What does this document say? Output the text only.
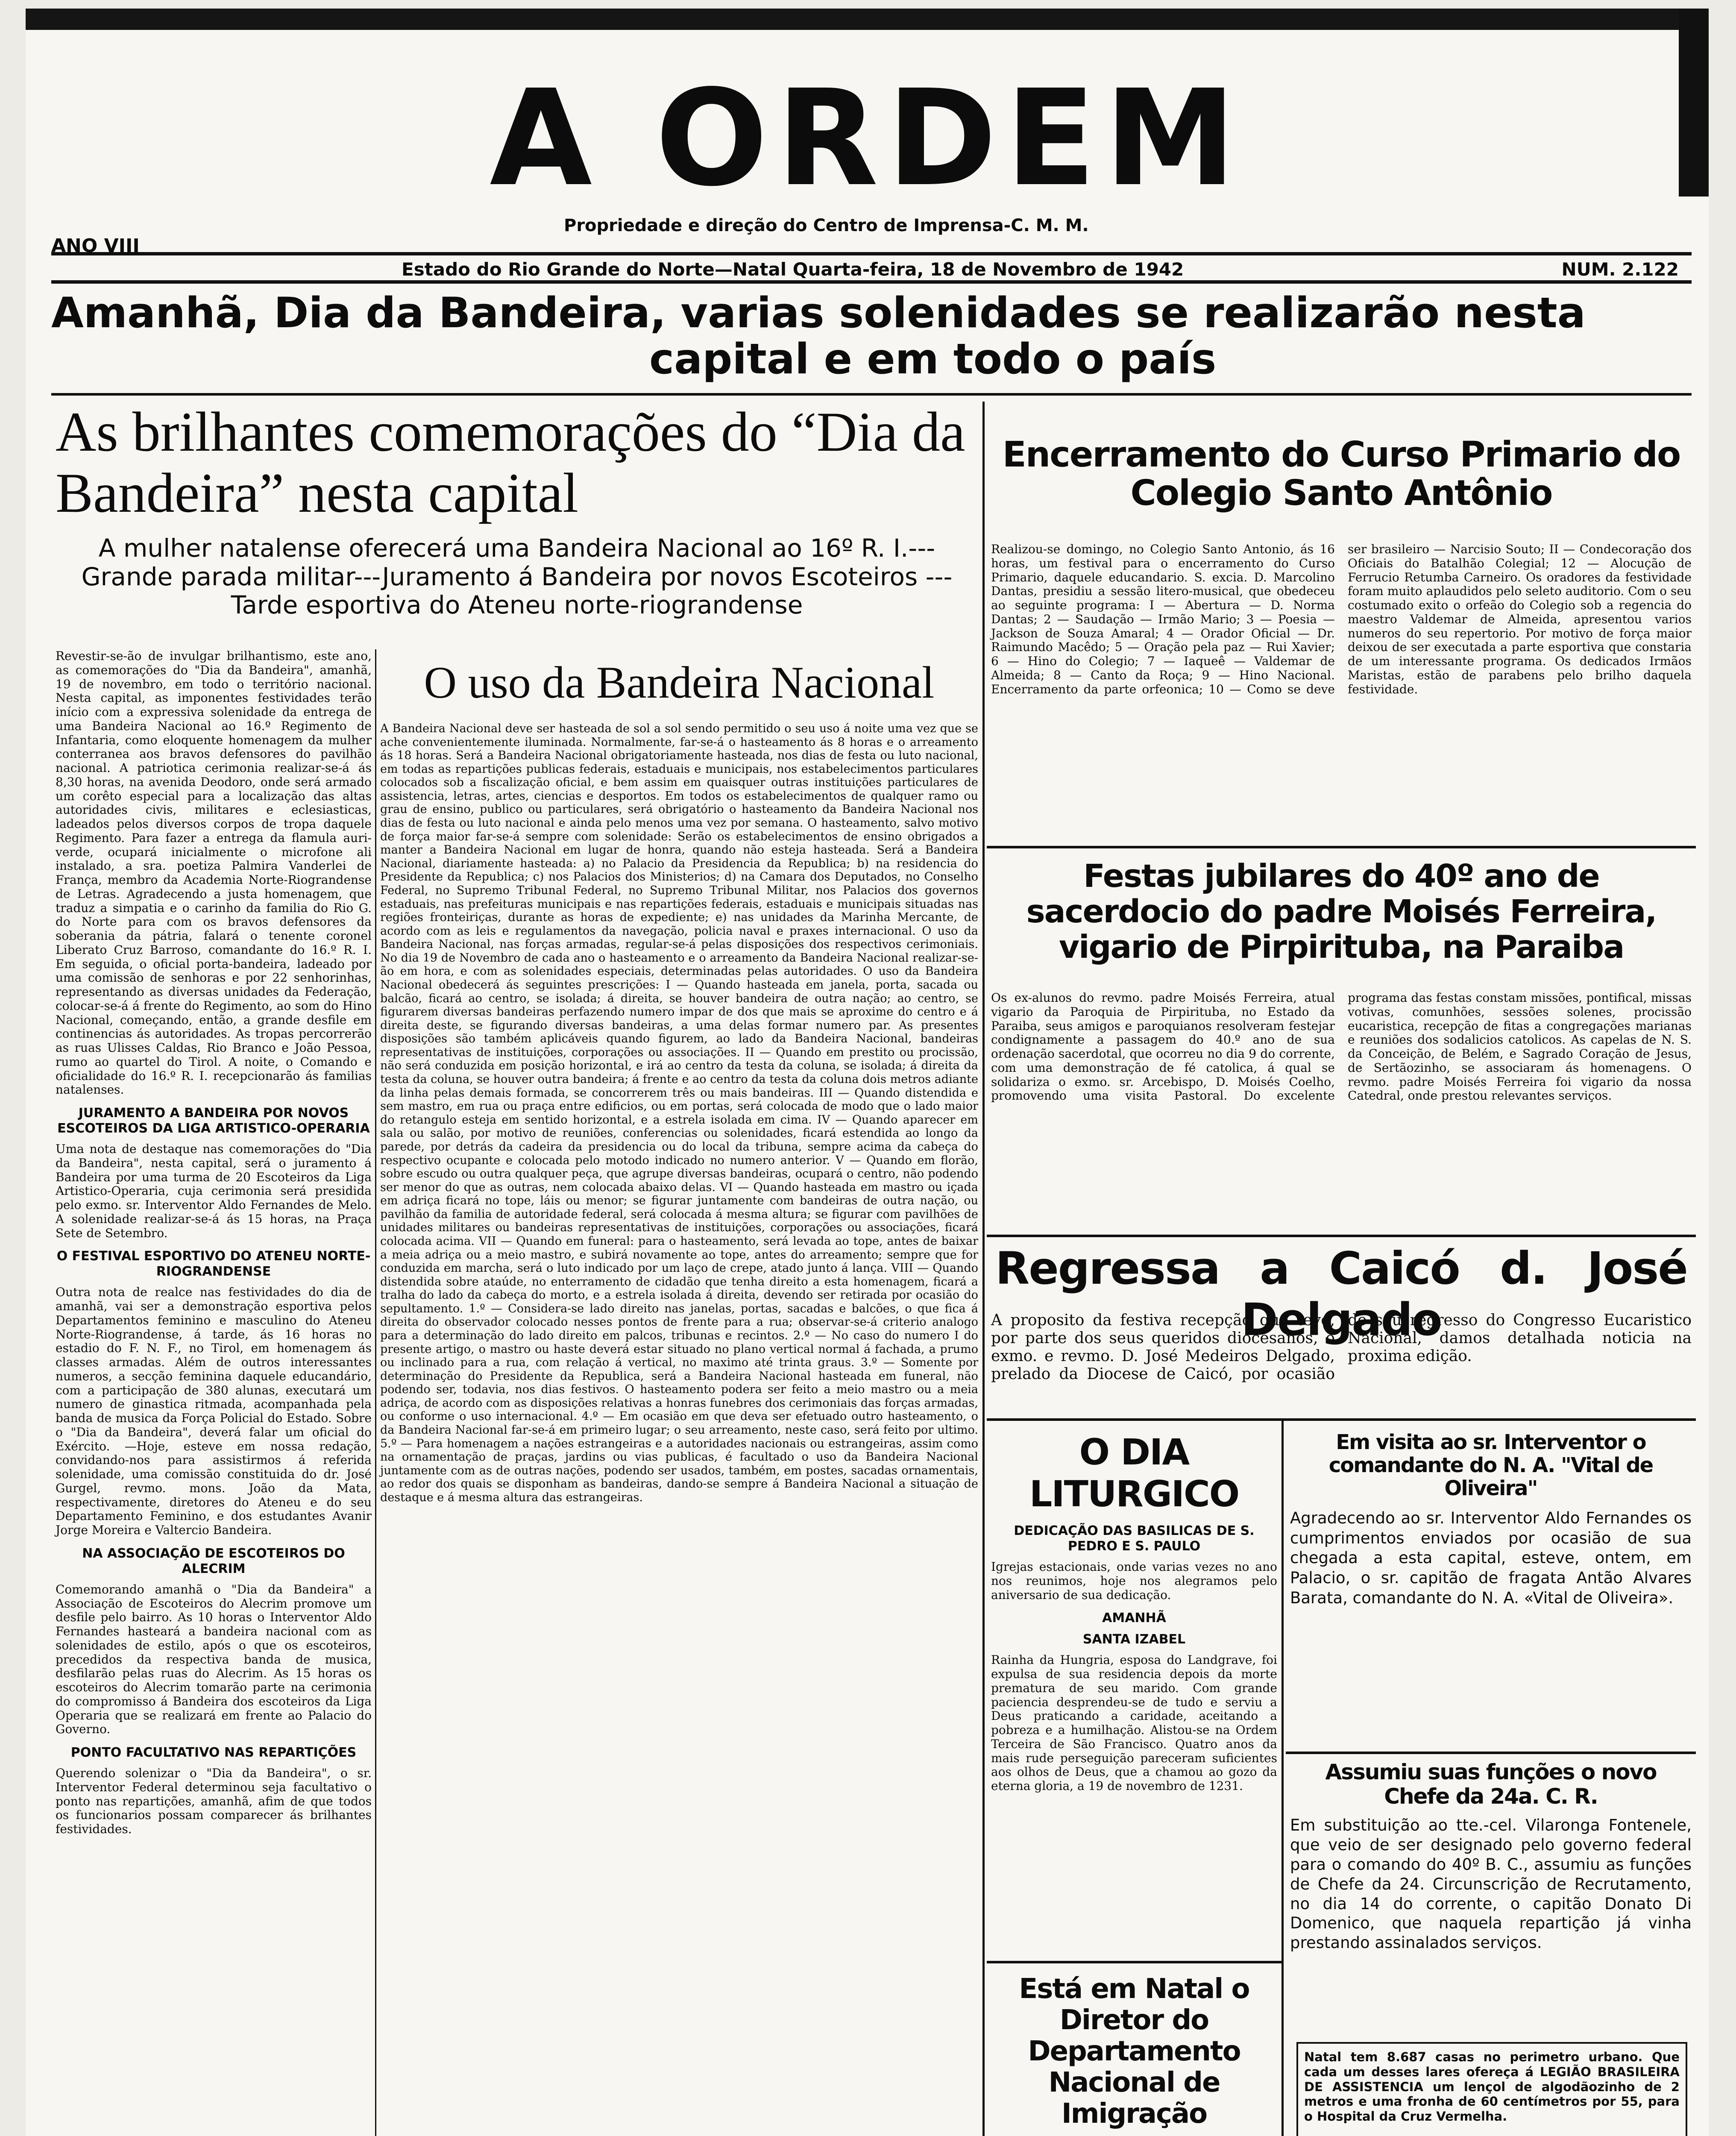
A ORDEM
Propriedade e direção do Centro de Imprensa-C. M. M.
ANO VIII
Estado do Rio Grande do Norte—Natal Quarta-feira, 18 de Novembro de 1942	NUM. 2.122
Amanhã, Dia da Bandeira, varias solenidades se realizarão nesta
capital e em todo o país
As brilhantes comemorações do “Dia da Bandeira” nesta capital
A mulher natalense oferecerá uma Bandeira Nacional ao 16º R. I.---Grande parada militar---Juramento á Bandeira por novos Escoteiros ---Tarde esportiva do Ateneu norte-riograndense

Revestir-se-ão de invulgar brilhantismo, este ano, as comemorações do "Dia da Bandeira", amanhã, 19 de novembro, em todo o território nacional. Nesta capital, as imponentes festividades terão início com a expressiva solenidade da entrega de uma Bandeira Nacional ao 16.º Regimento de Infantaria, como eloquente homenagem da mulher conterranea aos bravos defensores do pavilhão nacional. A patriotica cerimonia realizar-se-á ás 8,30 horas, na avenida Deodoro, onde será armado um corêto especial para a localização das altas autoridades civis, militares e eclesiasticas, ladeados pelos diversos corpos de tropa daquele Regimento. Para fazer a entrega da flamula auri-verde, ocupará inicialmente o microfone ali instalado, a sra. poetiza Palmira Vanderlei de França, membro da Academia Norte-Riograndense de Letras. Agradecendo a justa homenagem, que traduz a simpatia e o carinho da familia do Rio G. do Norte para com os bravos defensores da soberania da pátria, falará o tenente coronel Liberato Cruz Barroso, comandante do 16.º R. I. Em seguida, o oficial porta-bandeira, ladeado por uma comissão de senhoras e por 22 senhorinhas, representando as diversas unidades da Federação, colocar-se-á á frente do Regimento, ao som do Hino Nacional, começando, então, a grande desfile em continencias ás autoridades. As tropas percorrerão as ruas Ulisses Caldas, Rio Branco e João Pessoa, rumo ao quartel do Tirol. A noite, o Comando e oficialidade do 16.º R. I. recepcionarão ás familias natalenses.

JURAMENTO A BANDEIRA POR NOVOS ESCOTEIROS DA LIGA ARTISTICO-OPERARIA

Uma nota de destaque nas comemorações do "Dia da Bandeira", nesta capital, será o juramento á Bandeira por uma turma de 20 Escoteiros da Liga Artistico-Operaria, cuja cerimonia será presidida pelo exmo. sr. Interventor Aldo Fernandes de Melo. A solenidade realizar-se-á ás 15 horas, na Praça Sete de Setembro.

O FESTIVAL ESPORTIVO DO ATENEU NORTE-RIOGRANDENSE

Outra nota de realce nas festividades do dia de amanhã, vai ser a demonstração esportiva pelos Departamentos feminino e masculino do Ateneu Norte-Riograndense, á tarde, ás 16 horas no estadio do F. N. F., no Tirol, em homenagem ás classes armadas. Além de outros interessantes numeros, a secção feminina daquele educandário, com a participação de 380 alunas, executará um numero de ginastica ritmada, acompanhada pela banda de musica da Força Policial do Estado. Sobre o "Dia da Bandeira", deverá falar um oficial do Exército. —Hoje, esteve em nossa redação, convidando-nos para assistirmos á referida solenidade, uma comissão constituida do dr. José Gurgel, revmo. mons. João da Mata, respectivamente, diretores do Ateneu e do seu Departamento Feminino, e dos estudantes Avanir Jorge Moreira e Valtercio Bandeira.

NA ASSOCIAÇÃO DE ESCOTEIROS DO ALECRIM

Comemorando amanhã o "Dia da Bandeira" a Associação de Escoteiros do Alecrim promove um desfile pelo bairro. As 10 horas o Interventor Aldo Fernandes hasteará a bandeira nacional com as solenidades de estilo, após o que os escoteiros, precedidos da respectiva banda de musica, desfilarão pelas ruas do Alecrim. As 15 horas os escoteiros do Alecrim tomarão parte na cerimonia do compromisso á Bandeira dos escoteiros da Liga Operaria que se realizará em frente ao Palacio do Governo.

PONTO FACULTATIVO NAS REPARTIÇÕES

Querendo solenizar o "Dia da Bandeira", o sr. Interventor Federal determinou seja facultativo o ponto nas repartições, amanhã, afim de que todos os funcionarios possam comparecer ás brilhantes festividades.

O uso da Bandeira Nacional

A Bandeira Nacional deve ser hasteada de sol a sol sendo permitido o seu uso á noite uma vez que se ache convenientemente iluminada. Normalmente, far-se-á o hasteamento ás 8 horas e o arreamento ás 18 horas. Será a Bandeira Nacional obrigatoriamente hasteada, nos dias de festa ou luto nacional, em todas as repartições publicas federais, estaduais e municipais, nos estabelecimentos particulares colocados sob a fiscalização oficial, e bem assim em quaisquer outras instituições particulares de assistencia, letras, artes, ciencias e desportos. Em todos os estabelecimentos de qualquer ramo ou grau de ensino, publico ou particulares, será obrigatório o hasteamento da Bandeira Nacional nos dias de festa ou luto nacional e ainda pelo menos uma vez por semana. O hasteamento, salvo motivo de força maior far-se-á sempre com solenidade: Serão os estabelecimentos de ensino obrigados a manter a Bandeira Nacional em lugar de honra, quando não esteja hasteada. Será a Bandeira Nacional, diariamente hasteada: a) no Palacio da Presidencia da Republica; b) na residencia do Presidente da Republica; c) nos Palacios dos Ministerios; d) na Camara dos Deputados, no Conselho Federal, no Supremo Tribunal Federal, no Supremo Tribunal Militar, nos Palacios dos governos estaduais, nas prefeituras municipais e nas repartições federais, estaduais e municipais situadas nas regiões fronteiriças, durante as horas de expediente; e) nas unidades da Marinha Mercante, de acordo com as leis e regulamentos da navegação, policia naval e praxes internacional. O uso da Bandeira Nacional, nas forças armadas, regular-se-á pelas disposições dos respectivos cerimoniais. No dia 19 de Novembro de cada ano o hasteamento e o arreamento da Bandeira Nacional realizar-se-ão em hora, e com as solenidades especiais, determinadas pelas autoridades. O uso da Bandeira Nacional obedecerá ás seguintes prescrições: I — Quando hasteada em janela, porta, sacada ou balcão, ficará ao centro, se isolada; á direita, se houver bandeira de outra nação; ao centro, se figurarem diversas bandeiras perfazendo numero impar de dos que mais se aproxime do centro e á direita deste, se figurando diversas bandeiras, a uma delas formar numero par. As presentes disposições são também aplicáveis quando figurem, ao lado da Bandeira Nacional, bandeiras representativas de instituições, corporações ou associações. II — Quando em prestito ou procissão, não será conduzida em posição horizontal, e irá ao centro da testa da coluna, se isolada; á direita da testa da coluna, se houver outra bandeira; á frente e ao centro da testa da coluna dois metros adiante da linha pelas demais formada, se concorrerem três ou mais bandeiras. III — Quando distendida e sem mastro, em rua ou praça entre edificios, ou em portas, será colocada de modo que o lado maior do retangulo esteja em sentido horizontal, e a estrela isolada em cima. IV — Quando aparecer em sala ou salão, por motivo de reuniões, conferencias ou solenidades, ficará estendida ao longo da parede, por detrás da cadeira da presidencia ou do local da tribuna, sempre acima da cabeça do respectivo ocupante e colocada pelo motodo indicado no numero anterior. V — Quando em florão, sobre escudo ou outra qualquer peça, que agrupe diversas bandeiras, ocupará o centro, não podendo ser menor do que as outras, nem colocada abaixo delas. VI — Quando hasteada em mastro ou içada em adriça ficará no tope, láis ou menor; se figurar juntamente com bandeiras de outra nação, ou pavilhão da familia de autoridade federal, será colocada á mesma altura; se figurar com pavilhões de unidades militares ou bandeiras representativas de instituições, corporações ou associações, ficará colocada acima. VII — Quando em funeral: para o hasteamento, será levada ao tope, antes de baixar a meia adriça ou a meio mastro, e subirá novamente ao tope, antes do arreamento; sempre que for conduzida em marcha, será o luto indicado por um laço de crepe, atado junto á lança. VIII — Quando distendida sobre ataúde, no enterramento de cidadão que tenha direito a esta homenagem, ficará a tralha do lado da cabeça do morto, e a estrela isolada á direita, devendo ser retirada por ocasião do sepultamento. 1.º — Considera-se lado direito nas janelas, portas, sacadas e balcões, o que fica á direita do observador colocado nesses pontos de frente para a rua; observar-se-á criterio analogo para a determinação do lado direito em palcos, tribunas e recintos. 2.º — No caso do numero I do presente artigo, o mastro ou haste deverá estar situado no plano vertical normal á fachada, a prumo ou inclinado para a rua, com relação á vertical, no maximo até trinta graus. 3.º — Somente por determinação do Presidente da Republica, será a Bandeira Nacional hasteada em funeral, não podendo ser, todavia, nos dias festivos. O hasteamento podera ser feito a meio mastro ou a meia adriça, de acordo com as disposições relativas a honras funebres dos cerimoniais das forças armadas, ou conforme o uso internacional. 4.º — Em ocasião em que deva ser efetuado outro hasteamento, o da Bandeira Nacional far-se-á em primeiro lugar; o seu arreamento, neste caso, será feito por ultimo. 5.º — Para homenagem a nações estrangeiras e a autoridades nacionais ou estrangeiras, assim como na ornamentação de praças, jardins ou vias publicas, é facultado o uso da Bandeira Nacional juntamente com as de outras nações, podendo ser usados, também, em postes, sacadas ornamentais, ao redor dos quais se disponham as bandeiras, dando-se sempre á Bandeira Nacional a situação de destaque e á mesma altura das estrangeiras.

Encerramento do Curso Primario do Colegio Santo Antônio

Realizou-se domingo, no Colegio Santo Antonio, ás 16 horas, um festival para o encerramento do Curso Primario, daquele educandario. S. excia. D. Marcolino Dantas, presidiu a sessão litero-musical, que obedeceu ao seguinte programa: I — Abertura — D. Norma Dantas; 2 — Saudação — Irmão Mario; 3 — Poesia — Jackson de Souza Amaral; 4 — Orador Oficial — Dr. Raimundo Macêdo; 5 — Oração pela paz — Rui Xavier; 6 — Hino do Colegio; 7 — Iaqueê — Valdemar de Almeida; 8 — Canto da Roça; 9 — Hino Nacional. Encerramento da parte orfeonica; 10 — Como se deve ser brasileiro — Narcisio Souto; II — Condecoração dos Oficiais do Batalhão Colegial; 12 — Alocução de Ferrucio Retumba Carneiro. Os oradores da festividade foram muito aplaudidos pelo seleto auditorio. Com o seu costumado exito o orfeão do Colegio sob a regencia do maestro Valdemar de Almeida, apresentou varios numeros do seu repertorio. Por motivo de força maior deixou de ser executada a parte esportiva que constaria de um interessante programa. Os dedicados Irmãos Maristas, estão de parabens pelo brilho daquela festividade.

Festas jubilares do 40º ano de sacerdocio do padre Moisés Ferreira, vigario de Pirpirituba, na Paraiba

Os ex-alunos do revmo. padre Moisés Ferreira, atual vigario da Paroquia de Pirpirituba, no Estado da Paraiba, seus amigos e paroquianos resolveram festejar condignamente a passagem do 40.º ano de sua ordenação sacerdotal, que ocorreu no dia 9 do corrente, com uma demonstração de fé catolica, á qual se solidariza o exmo. sr. Arcebispo, D. Moisés Coelho, promovendo uma visita Pastoral. Do excelente programa das festas constam missões, pontifical, missas votivas, comunhões, sessões solenes, procissão eucaristica, recepção de fitas a congregações marianas e reuniões dos sodalicios catolicos. As capelas de N. S. da Conceição, de Belém, e Sagrado Coração de Jesus, de Sertãozinho, se associaram ás homenagens. O revmo. padre Moisés Ferreira foi vigario da nossa Catedral, onde prestou relevantes serviços.

Regressa a Caicó d. José Delgado

A proposito da festiva recepção que teve, por parte dos seus queridos diocesanos, o exmo. e revmo. D. José Medeiros Delgado, prelado da Diocese de Caicó, por ocasião do seu regresso do Congresso Eucaristico Nacional, damos detalhada noticia na proxima edição.

O DIA LITURGICO
DEDICAÇÃO DAS BASILICAS DE S. PEDRO E S. PAULO

Igrejas estacionais, onde varias vezes no ano nos reunimos, hoje nos alegramos pelo aniversario de sua dedicação.

AMANHÃ
SANTA IZABEL

Rainha da Hungria, esposa do Landgrave, foi expulsa de sua residencia depois da morte prematura de seu marido. Com grande paciencia desprendeu-se de tudo e serviu a Deus praticando a caridade, aceitando a pobreza e a humilhação. Alistou-se na Ordem Terceira de São Francisco. Quatro anos da mais rude perseguição pareceram suficientes aos olhos de Deus, que a chamou ao gozo da eterna gloria, a 19 de novembro de 1231.

Está em Natal o Diretor do Departamento Nacional de Imigração

Em visita ao sr. Interventor o comandante do N. A. "Vital de Oliveira"

Agradecendo ao sr. Interventor Aldo Fernandes os cumprimentos enviados por ocasião de sua chegada a esta capital, esteve, ontem, em Palacio, o sr. capitão de fragata Antão Alvares Barata, comandante do N. A. «Vital de Oliveira».

Assumiu suas funções o novo Chefe da 24a. C. R.

Em substituição ao tte.-cel. Vilaronga Fontenele, que veio de ser designado pelo governo federal para o comando do 40º B. C., assumiu as funções de Chefe da 24. Circunscrição de Recrutamento, no dia 14 do corrente, o capitão Donato Di Domenico, que naquela repartição já vinha prestando assinalados serviços.

Natal tem 8.687 casas no perimetro urbano. Que cada um desses lares ofereça á LEGIÃO BRASILEIRA DE ASSISTENCIA um lençol de algodãozinho de 2 metros e uma fronha de 60 centímetros por 55, para o Hospital da Cruz Vermelha.
